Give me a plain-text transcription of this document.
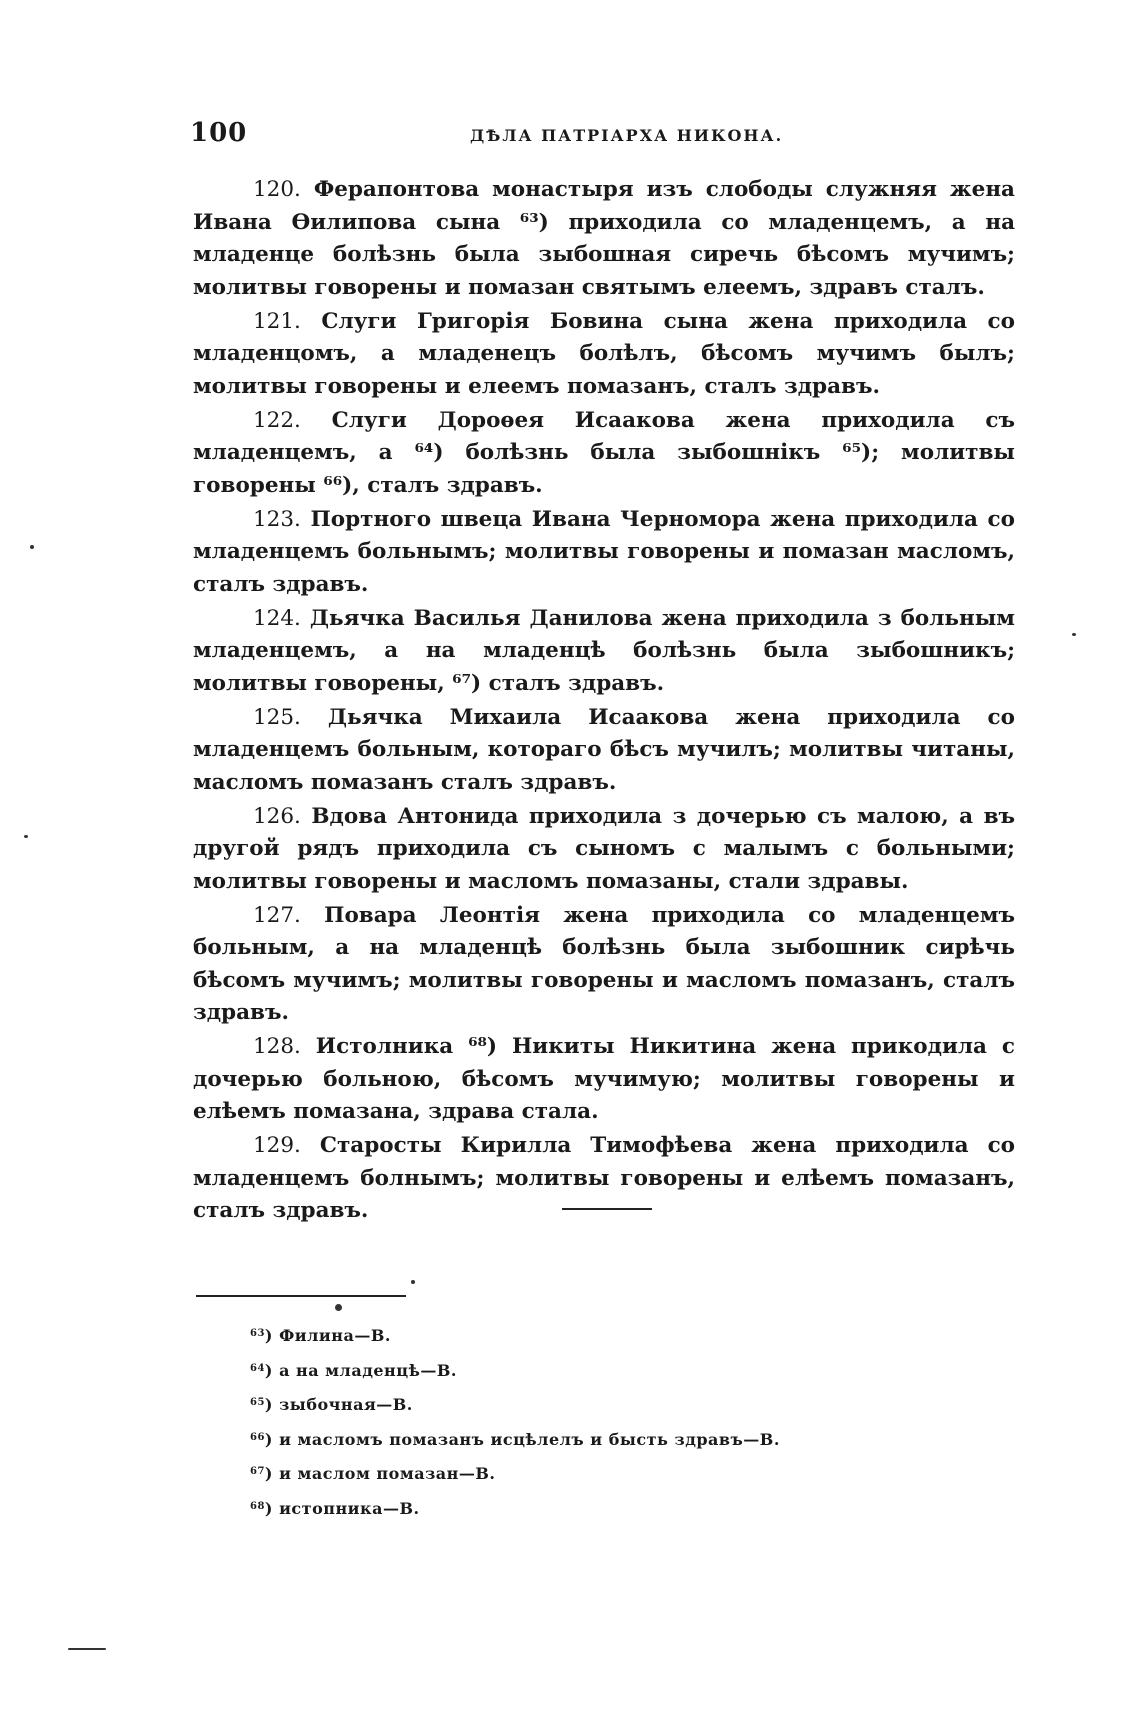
100	ДѢЛА ПАТРІАРХА НИКОНА.

120. Ферапонтова монастыря изъ слободы служняя жена Ивана Ѳилипова сына ⁶³) приходила со младенцемъ, а на младенце болѣзнь была зыбошная сиречь бѣсомъ мучимъ; молитвы говорены и помазан святымъ елеемъ, здравъ сталъ.

121. Слуги Григорія Бовина сына жена приходила со младенцомъ, а младенецъ болѣлъ, бѣсомъ мучимъ былъ; молитвы говорены и елеемъ помазанъ, сталъ здравъ.

122. Слуги Дороѳея Исаакова жена приходила съ младенцемъ, а ⁶⁴) болѣзнь была зыбошнікъ ⁶⁵); молитвы говорены ⁶⁶), сталъ здравъ.

123. Портного швеца Ивана Черномора жена приходила со младенцемъ больнымъ; молитвы говорены и помазан масломъ, сталъ здравъ.

124. Дьячка Василья Данилова жена приходила з больным младенцемъ, а на младенцѣ болѣзнь была зыбошникъ; молитвы говорены, ⁶⁷) сталъ здравъ.

125. Дьячка Михаила Исаакова жена приходила со младенцемъ больным, котораго бѣсъ мучилъ; молитвы читаны, масломъ помазанъ сталъ здравъ.

126. Вдова Антонида приходила з дочерью съ малою, а въ другой рядъ приходила съ сыномъ с малымъ с больными; молитвы говорены и масломъ помазаны, стали здравы.

127. Повара Леонтія жена приходила со младенцемъ больным, а на младенцѣ болѣзнь была зыбошник сирѣчь бѣсомъ мучимъ; молитвы говорены и масломъ помазанъ, сталъ здравъ.

128. Истолника ⁶⁸) Никиты Никитина жена прикодила с дочерью больною, бѣсомъ мучимую; молитвы говорены и елѣемъ помазана, здрава стала.

129. Старосты Кирилла Тимофѣева жена приходила со младенцемъ болнымъ; молитвы говорены и елѣемъ помазанъ, сталъ здравъ.

$^{63}$) Филина—В.
$^{64}$) а на младенцѣ—В.
$^{65}$) зыбочная—В.
$^{66}$) и масломъ помазанъ исцѣлелъ и бысть здравъ—В.
$^{67}$) и маслом помазан—В.
$^{68}$) истопника—В.
